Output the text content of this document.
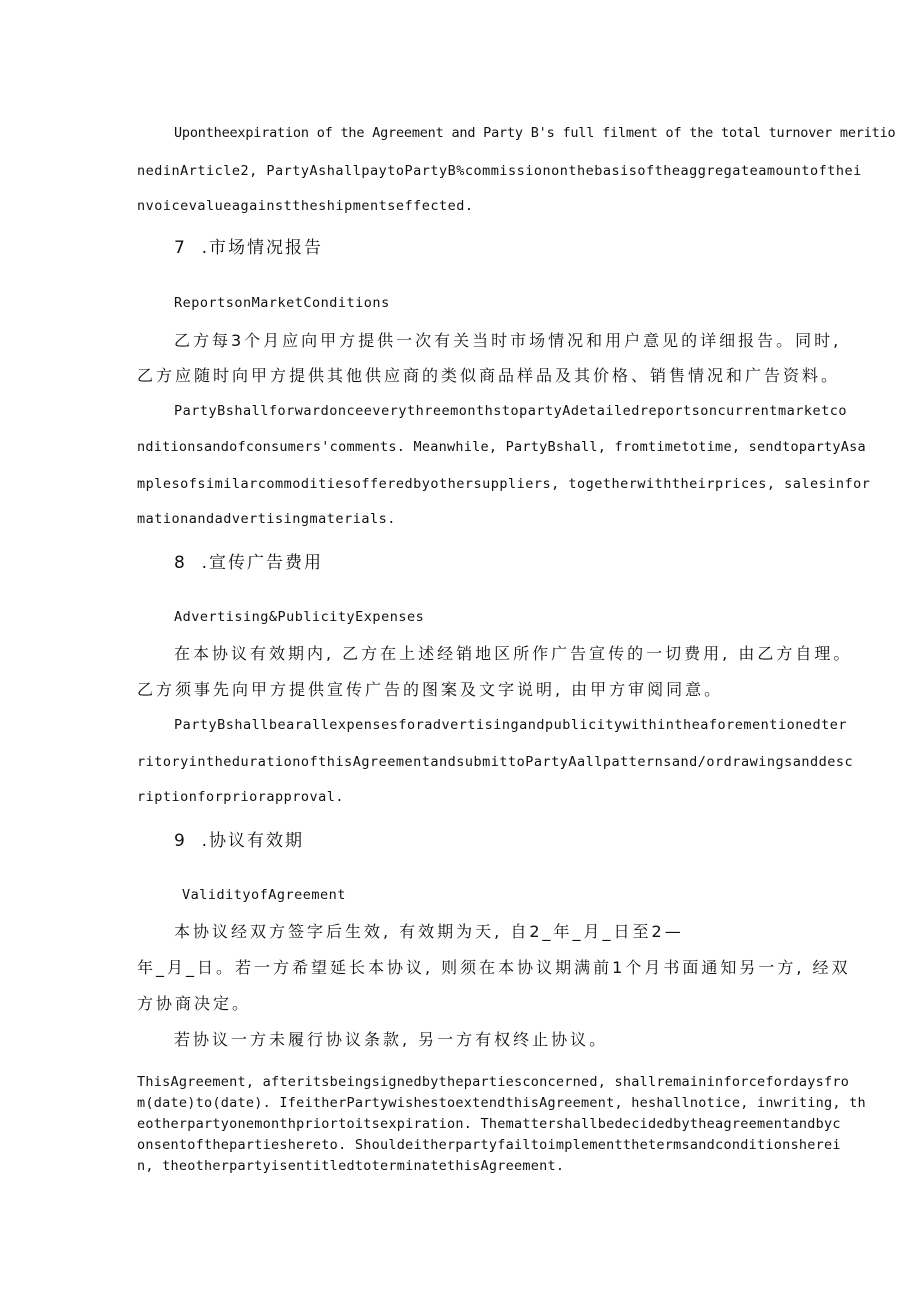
Upontheexpiration of the Agreement and Party B's full filment of the total turnover meritio

nedinArticle2, PartyAshallpaytoPartyB%commissiononthebasisoftheaggregateamountofthei

nvoicevalueagainsttheshipmentseffected.

7  .市场情况报告

ReportsonMarketConditions

乙方每3个月应向甲方提供一次有关当时市场情况和用户意见的详细报告。同时,

乙方应随时向甲方提供其他供应商的类似商品样品及其价格、销售情况和广告资料。

PartyBshallforwardonceeverythreemonthstopartyAdetailedreportsoncurrentmarketco

nditionsandofconsumers'comments. Meanwhile, PartyBshall, fromtimetotime, sendtopartyAsa

mplesofsimilarcommoditiesofferedbyothersuppliers, togetherwiththeirprices, salesinfor

mationandadvertisingmaterials.

8  .宣传广告费用

Advertising&PublicityExpenses

在本协议有效期内, 乙方在上述经销地区所作广告宣传的一切费用, 由乙方自理。

乙方须事先向甲方提供宣传广告的图案及文字说明, 由甲方审阅同意。

PartyBshallbearallexpensesforadvertisingandpublicitywithintheaforementionedter

ritoryinthedurationofthisAgreementandsubmittoPartyAallpatternsand/ordrawingsanddesc

riptionforpriorapproval.

9  .协议有效期

ValidityofAgreement

本协议经双方签字后生效, 有效期为天, 自2_年_月_日至2—

年_月_日。若一方希望延长本协议, 则须在本协议期满前1个月书面通知另一方, 经双

方协商决定。

若协议一方未履行协议条款, 另一方有权终止协议。

ThisAgreement, afteritsbeingsignedbythepartiesconcerned, shallremaininforcefordaysfro

m(date)to(date). IfeitherPartywishestoextendthisAgreement, heshallnotice, inwriting, th

eotherpartyonemonthpriortoitsexpiration. Themattershallbedecidedbytheagreementandbyc

onsentofthepartieshereto. Shouldeitherpartyfailtoimplementthetermsandconditionsherei

n, theotherpartyisentitledtoterminatethisAgreement.
